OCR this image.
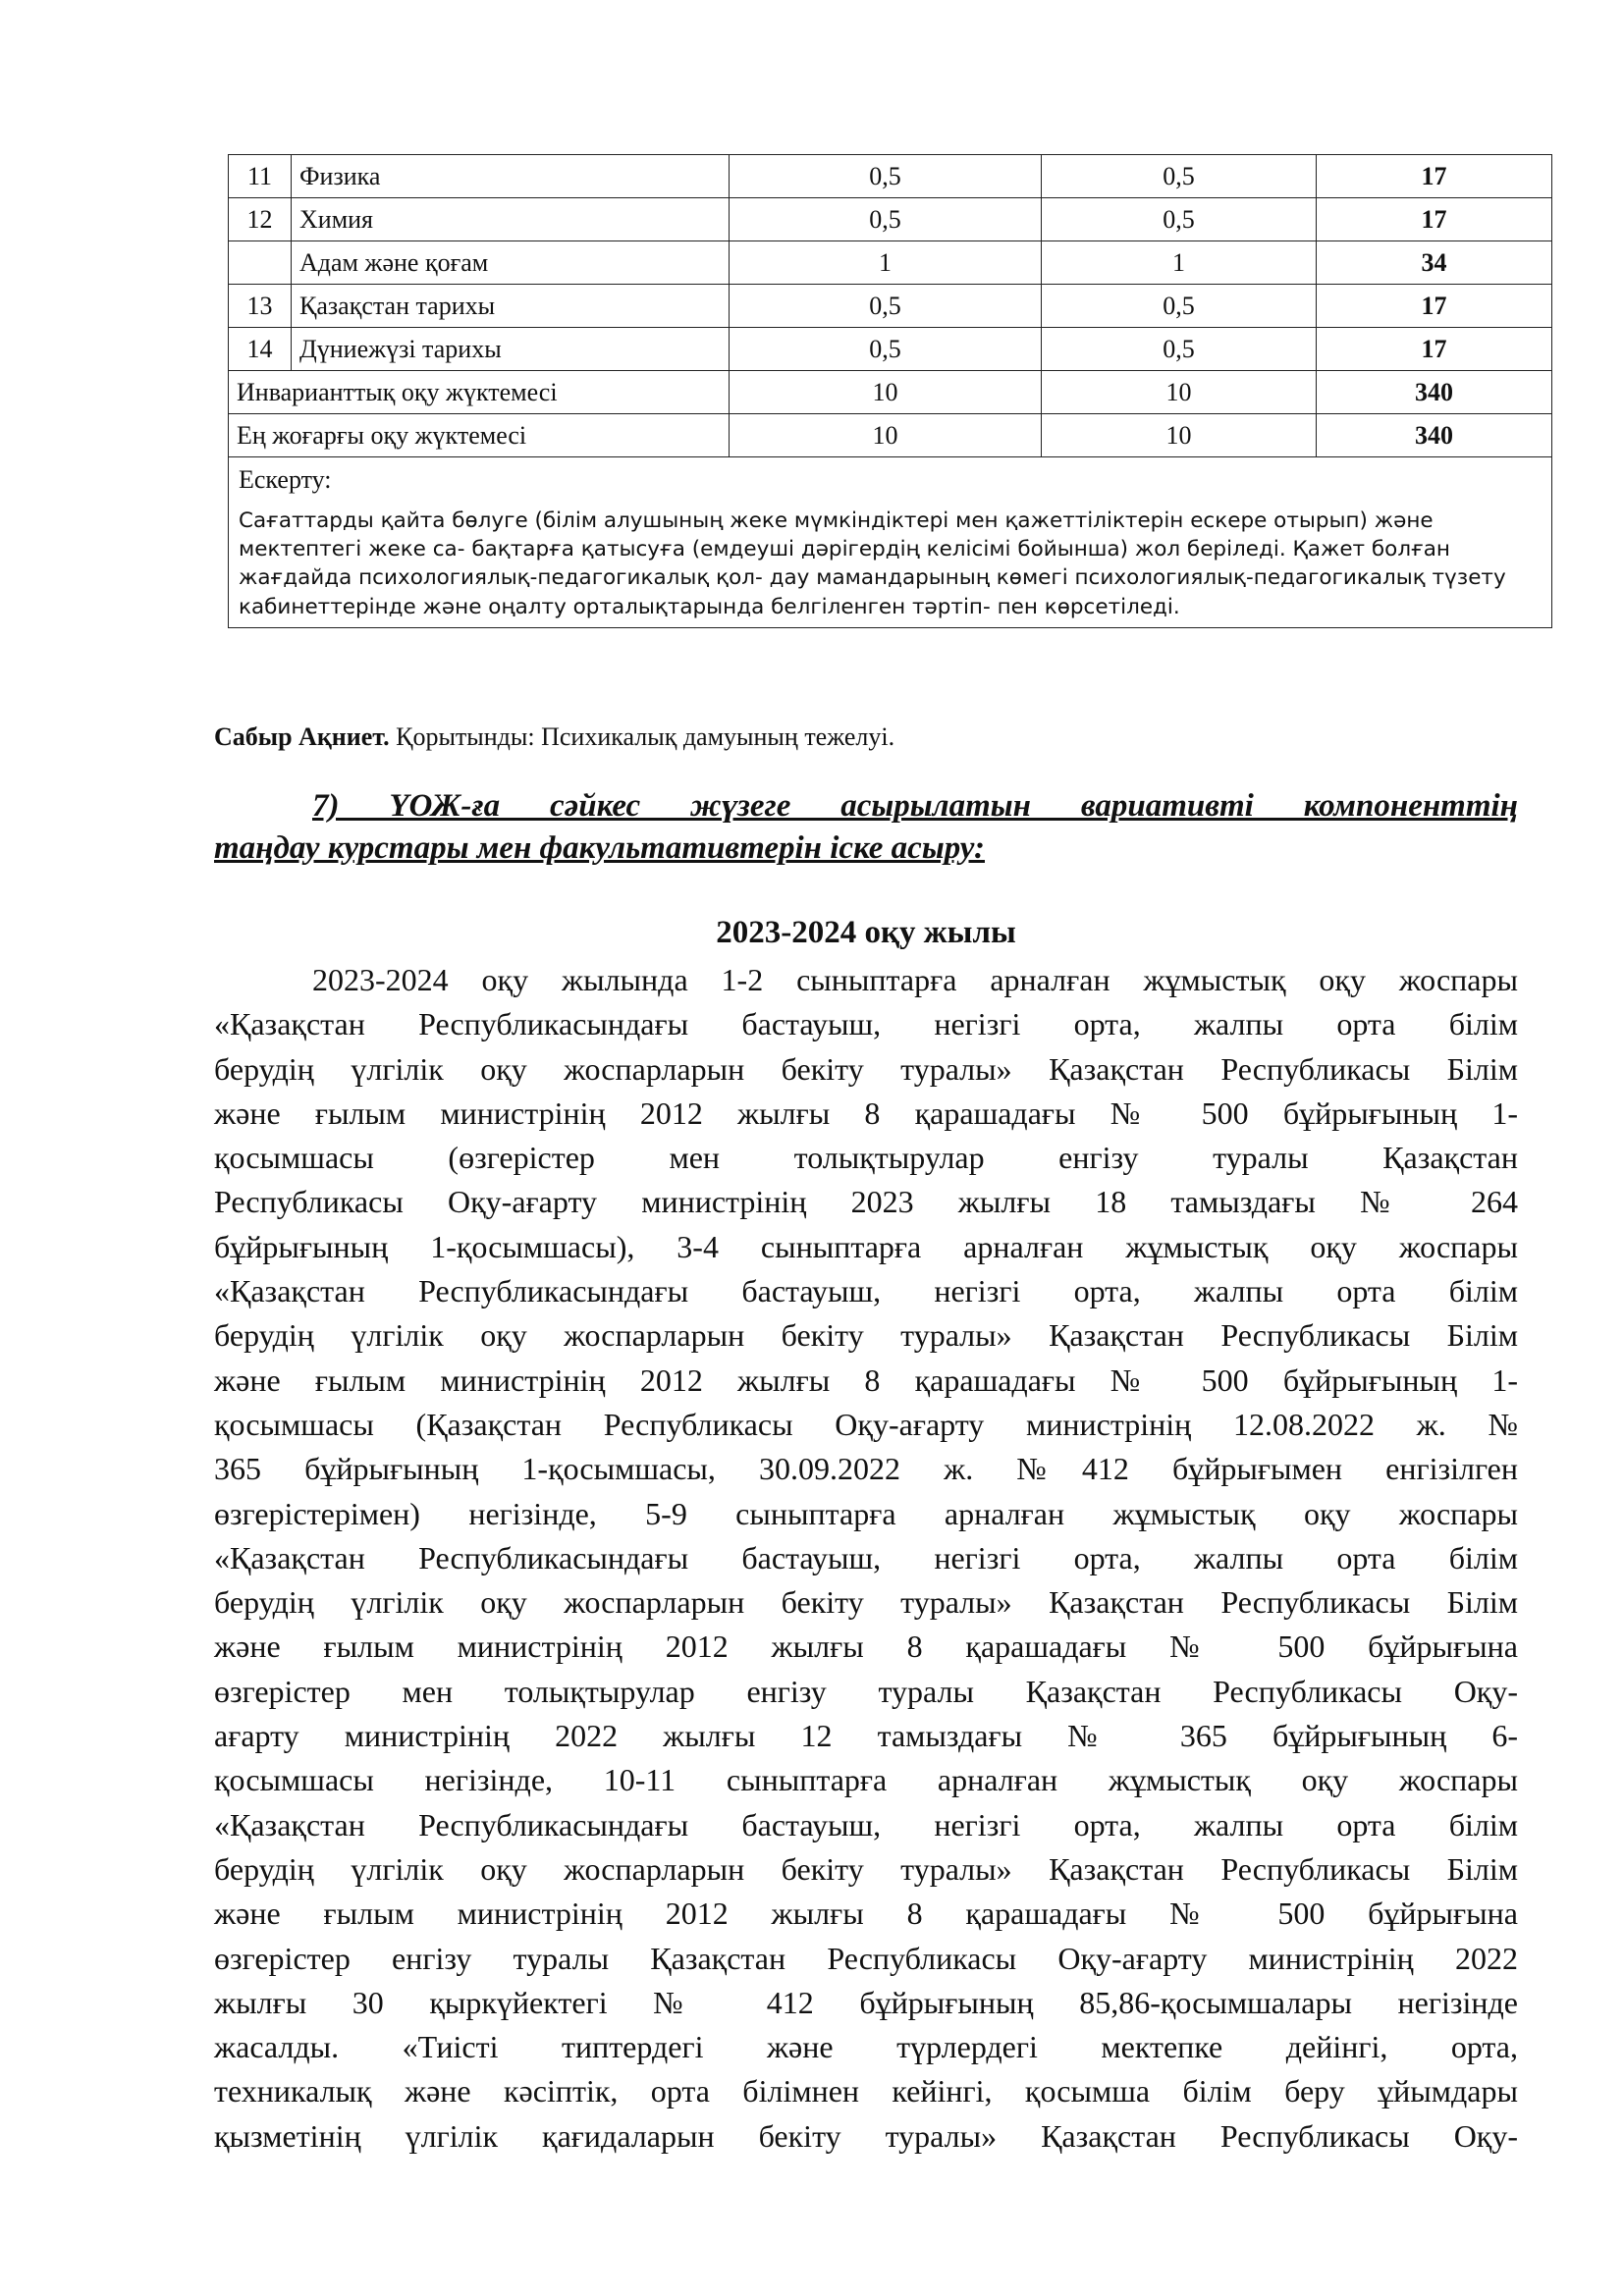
11	Физика	0,5	0,5	17
12	Химия	0,5	0,5	17
	Адам және қоғам	1	1	34
13	Қазақстан тарихы	0,5	0,5	17
14	Дүниежүзі тарихы	0,5	0,5	17
Инварианттық оқу жүктемесі		10	10	340
Ең жоғарғы оқу жүктемесі		10	10	340

Ескерту:
Сағаттарды қайта бөлуге (білім алушының жеке мүмкіндіктері мен қажеттіліктерін ескере отырып) және мектептегі жеке са- бақтарға қатысуға (емдеуші дәрігердің келісімі бойынша) жол беріледі. Қажет болған жағдайда психологиялық-педагогикалық қол- дау мамандарының көмегі психологиялық-педагогикалық түзету кабинеттерінде және оңалту орталықтарында белгіленген тәртіп- пен көрсетіледі.				
Сабыр Ақниет. Қорытынды: Психикалық дамуының тежелуі.
7) ҮОЖ-ға сәйкес жүзеге асырылатын вариативті компоненттің
таңдау курстары мен факультативтерін іске асыру:
2023-2024 оқу жылы
2023-2024 оқу жылында 1-2 сыныптарға арналған жұмыстық оқу жоспары
«Қазақстан Республикасындағы бастауыш, негізгі орта, жалпы орта білім
берудің үлгілік оқу жоспарларын бекіту туралы» Қазақстан Республикасы Білім
және ғылым министрінің 2012 жылғы 8 қарашадағы № 500 бұйрығының 1-
қосымшасы (өзгерістер мен толықтырулар енгізу туралы Қазақстан
Республикасы Оқу-ағарту министрінің 2023 жылғы 18 тамыздағы № 264
бұйрығының 1-қосымшасы), 3-4 сыныптарға арналған жұмыстық оқу жоспары
«Қазақстан Республикасындағы бастауыш, негізгі орта, жалпы орта білім
берудің үлгілік оқу жоспарларын бекіту туралы» Қазақстан Республикасы Білім
және ғылым министрінің 2012 жылғы 8 қарашадағы № 500 бұйрығының 1-
қосымшасы (Қазақстан Республикасы Оқу-ағарту министрінің 12.08.2022 ж. №
365 бұйрығының 1-қосымшасы, 30.09.2022 ж. №412 бұйрығымен енгізілген
өзгерістерімен) негізінде, 5-9 сыныптарға арналған жұмыстық оқу жоспары
«Қазақстан Республикасындағы бастауыш, негізгі орта, жалпы орта білім
берудің үлгілік оқу жоспарларын бекіту туралы» Қазақстан Республикасы Білім
және ғылым министрінің 2012 жылғы 8 қарашадағы № 500 бұйрығына
өзгерістер мен толықтырулар енгізу туралы Қазақстан Республикасы Оқу-
ағарту министрінің 2022 жылғы 12 тамыздағы № 365 бұйрығының 6-
қосымшасы негізінде, 10-11 сыныптарға арналған жұмыстық оқу жоспары
«Қазақстан Республикасындағы бастауыш, негізгі орта, жалпы орта білім
берудің үлгілік оқу жоспарларын бекіту туралы» Қазақстан Республикасы Білім
және ғылым министрінің 2012 жылғы 8 қарашадағы № 500 бұйрығына
өзгерістер енгізу туралы Қазақстан Республикасы Оқу-ағарту министрінің 2022
жылғы 30 қыркүйектегі № 412 бұйрығының 85,86-қосымшалары негізінде
жасалды. «Тиісті типтердегі және түрлердегі мектепке дейінгі, орта,
техникалық және кәсіптік, орта білімнен кейінгі, қосымша білім беру ұйымдары
қызметінің үлгілік қағидаларын бекіту туралы» Қазақстан Республикасы Оқу-
